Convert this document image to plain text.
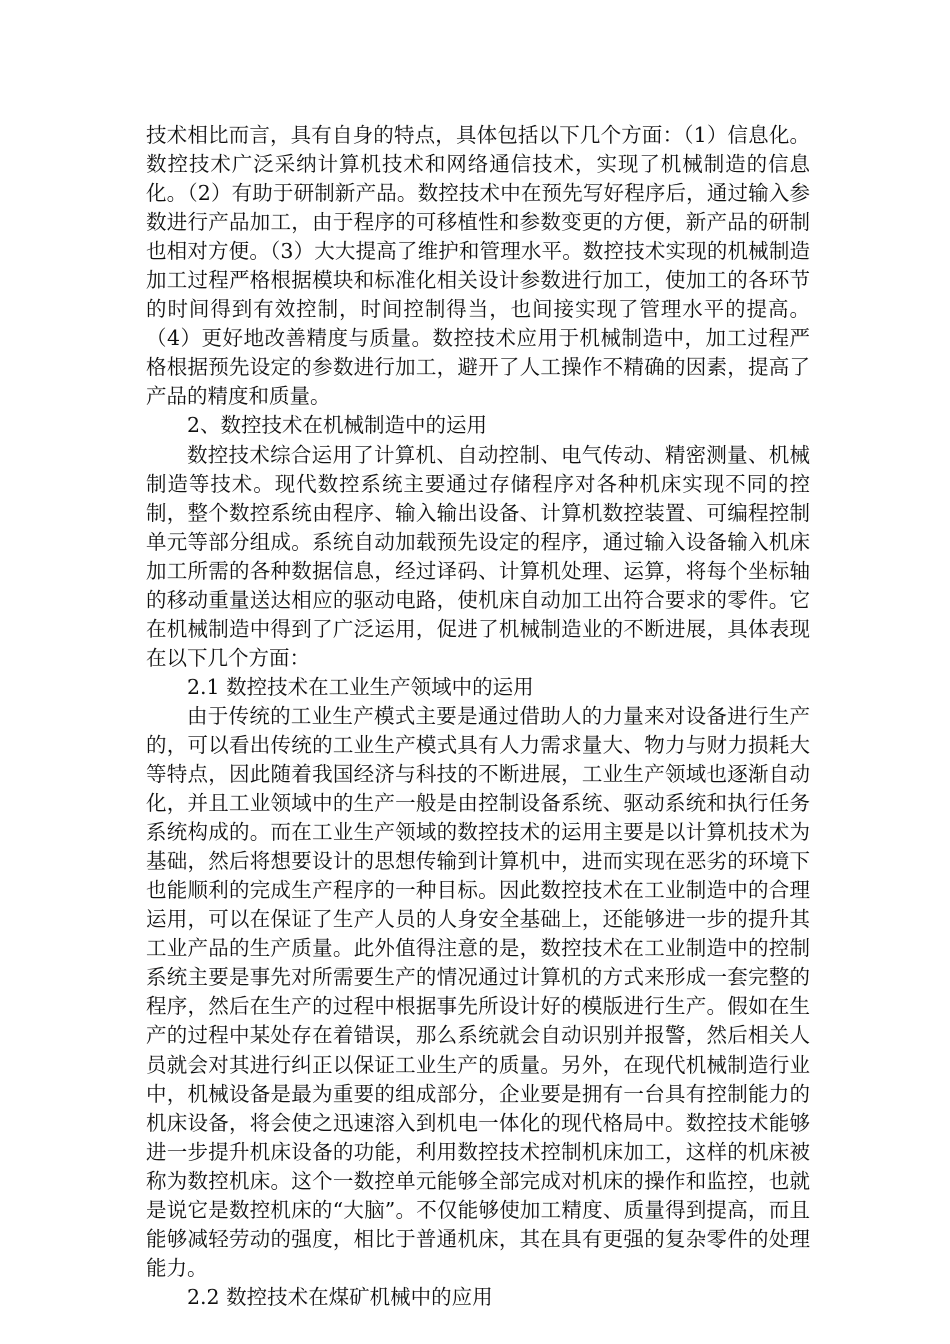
技术相比而言，具有自身的特点，具体包括以下几个方面：（1）信息化。数控技术广泛采纳计算机技术和网络通信技术，实现了机械制造的信息化。（2）有助于研制新产品。数控技术中在预先写好程序后，通过输入参数进行产品加工，由于程序的可移植性和参数变更的方便，新产品的研制也相对方便。（3）大大提高了维护和管理水平。数控技术实现的机械制造加工过程严格根据模块和标准化相关设计参数进行加工，使加工的各环节的时间得到有效控制，时间控制得当，也间接实现了管理水平的提高。（4）更好地改善精度与质量。数控技术应用于机械制造中，加工过程严格根据预先设定的参数进行加工，避开了人工操作不精确的因素，提高了产品的精度和质量。

2、数控技术在机械制造中的运用

数控技术综合运用了计算机、自动控制、电气传动、精密测量、机械制造等技术。现代数控系统主要通过存储程序对各种机床实现不同的控制，整个数控系统由程序、输入输出设备、计算机数控装置、可编程控制单元等部分组成。系统自动加载预先设定的程序，通过输入设备输入机床加工所需的各种数据信息，经过译码、计算机处理、运算，将每个坐标轴的移动重量送达相应的驱动电路，使机床自动加工出符合要求的零件。它在机械制造中得到了广泛运用，促进了机械制造业的不断进展，具体表现在以下几个方面：

2.1 数控技术在工业生产领域中的运用

由于传统的工业生产模式主要是通过借助人的力量来对设备进行生产的，可以看出传统的工业生产模式具有人力需求量大、物力与财力损耗大等特点，因此随着我国经济与科技的不断进展，工业生产领域也逐渐自动化，并且工业领域中的生产一般是由控制设备系统、驱动系统和执行任务系统构成的。而在工业生产领域的数控技术的运用主要是以计算机技术为基础，然后将想要设计的思想传输到计算机中，进而实现在恶劣的环境下也能顺利的完成生产程序的一种目标。因此数控技术在工业制造中的合理运用，可以在保证了生产人员的人身安全基础上，还能够进一步的提升其工业产品的生产质量。此外值得注意的是，数控技术在工业制造中的控制系统主要是事先对所需要生产的情况通过计算机的方式来形成一套完整的程序，然后在生产的过程中根据事先所设计好的模版进行生产。假如在生产的过程中某处存在着错误，那么系统就会自动识别并报警，然后相关人员就会对其进行纠正以保证工业生产的质量。另外，在现代机械制造行业中，机械设备是最为重要的组成部分，企业要是拥有一台具有控制能力的机床设备，将会使之迅速溶入到机电一体化的现代格局中。数控技术能够进一步提升机床设备的功能，利用数控技术控制机床加工，这样的机床被称为数控机床。这个一数控单元能够全部完成对机床的操作和监控，也就是说它是数控机床的“大脑”。不仅能够使加工精度、质量得到提高，而且能够减轻劳动的强度，相比于普通机床，其在具有更强的复杂零件的处理能力。

2.2 数控技术在煤矿机械中的应用
